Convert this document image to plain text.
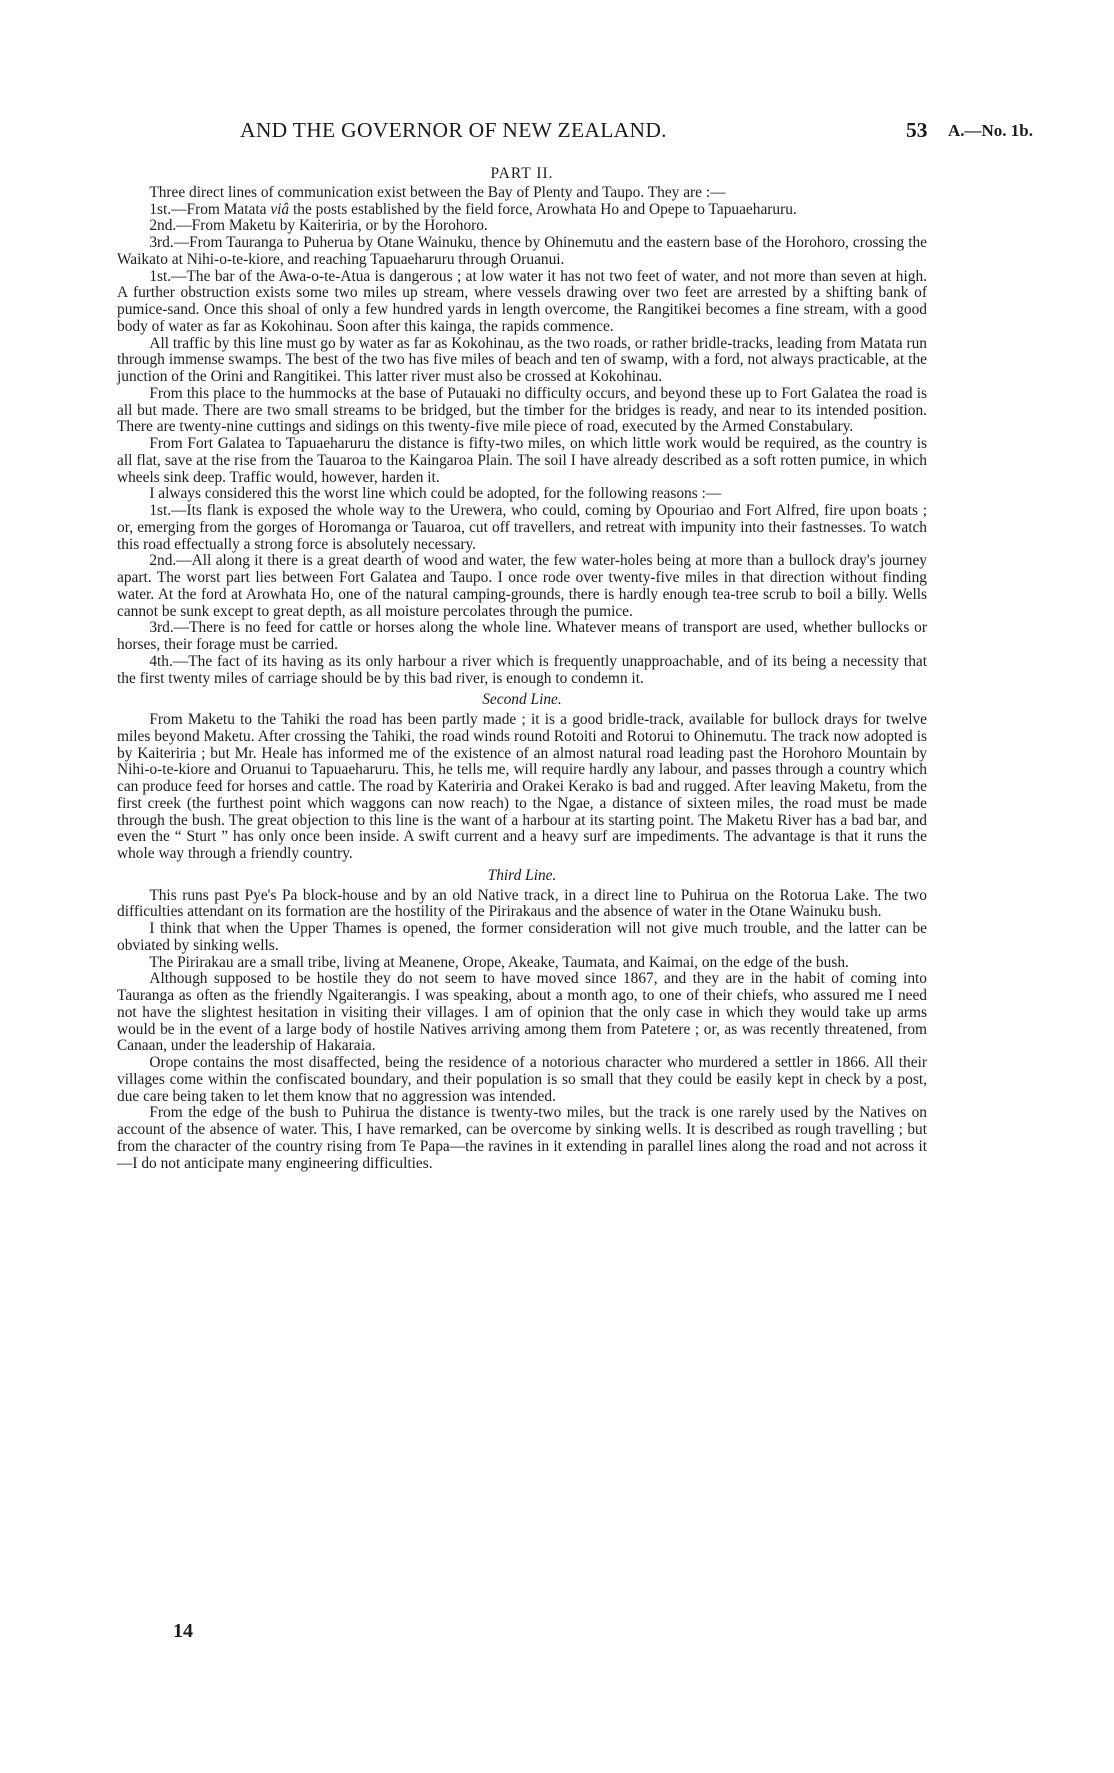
AND THE GOVERNOR OF NEW ZEALAND.	53 A.—No. 1b.
PART II.

Three direct lines of communication exist between the Bay of Plenty and Taupo. They are :—

1st.—From Matata viâ the posts established by the field force, Arowhata Ho and Opepe to Tapuaeharuru.

2nd.—From Maketu by Kaiteriria, or by the Horohoro.

3rd.—From Tauranga to Puherua by Otane Wainuku, thence by Ohinemutu and the eastern base of the Horohoro, crossing the Waikato at Nihi-o-te-kiore, and reaching Tapuaeharuru through Oruanui.

1st.—The bar of the Awa-o-te-Atua is dangerous ; at low water it has not two feet of water, and not more than seven at high. A further obstruction exists some two miles up stream, where vessels drawing over two feet are arrested by a shifting bank of pumice-sand. Once this shoal of only a few hundred yards in length overcome, the Rangitikei becomes a fine stream, with a good body of water as far as Kokohinau. Soon after this kainga, the rapids commence.

All traffic by this line must go by water as far as Kokohinau, as the two roads, or rather bridle-tracks, leading from Matata run through immense swamps. The best of the two has five miles of beach and ten of swamp, with a ford, not always practicable, at the junction of the Orini and Rangitikei. This latter river must also be crossed at Kokohinau.

From this place to the hummocks at the base of Putauaki no difficulty occurs, and beyond these up to Fort Galatea the road is all but made. There are two small streams to be bridged, but the timber for the bridges is ready, and near to its intended position. There are twenty-nine cuttings and sidings on this twenty-five mile piece of road, executed by the Armed Constabulary.

From Fort Galatea to Tapuaeharuru the distance is fifty-two miles, on which little work would be required, as the country is all flat, save at the rise from the Tauaroa to the Kaingaroa Plain. The soil I have already described as a soft rotten pumice, in which wheels sink deep. Traffic would, however, harden it.

I always considered this the worst line which could be adopted, for the following reasons :—

1st.—Its flank is exposed the whole way to the Urewera, who could, coming by Opouriao and Fort Alfred, fire upon boats ; or, emerging from the gorges of Horomanga or Tauaroa, cut off travellers, and retreat with impunity into their fastnesses. To watch this road effectually a strong force is absolutely necessary.

2nd.—All along it there is a great dearth of wood and water, the few water-holes being at more than a bullock dray's journey apart. The worst part lies between Fort Galatea and Taupo. I once rode over twenty-five miles in that direction without finding water. At the ford at Arowhata Ho, one of the natural camping-grounds, there is hardly enough tea-tree scrub to boil a billy. Wells cannot be sunk except to great depth, as all moisture percolates through the pumice.

3rd.—There is no feed for cattle or horses along the whole line. Whatever means of transport are used, whether bullocks or horses, their forage must be carried.

4th.—The fact of its having as its only harbour a river which is frequently unapproachable, and of its being a necessity that the first twenty miles of carriage should be by this bad river, is enough to condemn it.

Second Line.

From Maketu to the Tahiki the road has been partly made ; it is a good bridle-track, available for bullock drays for twelve miles beyond Maketu. After crossing the Tahiki, the road winds round Rotoiti and Rotorui to Ohinemutu. The track now adopted is by Kaiteriria ; but Mr. Heale has informed me of the existence of an almost natural road leading past the Horohoro Mountain by Nihi-o-te-kiore and Oruanui to Tapuaeharuru. This, he tells me, will require hardly any labour, and passes through a country which can produce feed for horses and cattle. The road by Kateriria and Orakei Kerako is bad and rugged. After leaving Maketu, from the first creek (the furthest point which waggons can now reach) to the Ngae, a distance of sixteen miles, the road must be made through the bush. The great objection to this line is the want of a harbour at its starting point. The Maketu River has a bad bar, and even the “ Sturt ” has only once been inside. A swift current and a heavy surf are impediments. The advantage is that it runs the whole way through a friendly country.

Third Line.

This runs past Pye's Pa block-house and by an old Native track, in a direct line to Puhirua on the Rotorua Lake. The two difficulties attendant on its formation are the hostility of the Pirirakaus and the absence of water in the Otane Wainuku bush.

I think that when the Upper Thames is opened, the former consideration will not give much trouble, and the latter can be obviated by sinking wells.

The Pirirakau are a small tribe, living at Meanene, Orope, Akeake, Taumata, and Kaimai, on the edge of the bush.

Although supposed to be hostile they do not seem to have moved since 1867, and they are in the habit of coming into Tauranga as often as the friendly Ngaiterangis. I was speaking, about a month ago, to one of their chiefs, who assured me I need not have the slightest hesitation in visiting their villages. I am of opinion that the only case in which they would take up arms would be in the event of a large body of hostile Natives arriving among them from Patetere ; or, as was recently threatened, from Canaan, under the leadership of Hakaraia.

Orope contains the most disaffected, being the residence of a notorious character who murdered a settler in 1866. All their villages come within the confiscated boundary, and their population is so small that they could be easily kept in check by a post, due care being taken to let them know that no aggression was intended.

From the edge of the bush to Puhirua the distance is twenty-two miles, but the track is one rarely used by the Natives on account of the absence of water. This, I have remarked, can be overcome by sinking wells. It is described as rough travelling ; but from the character of the country rising from Te Papa—the ravines in it extending in parallel lines along the road and not across it—I do not anticipate many engineering difficulties.

14
